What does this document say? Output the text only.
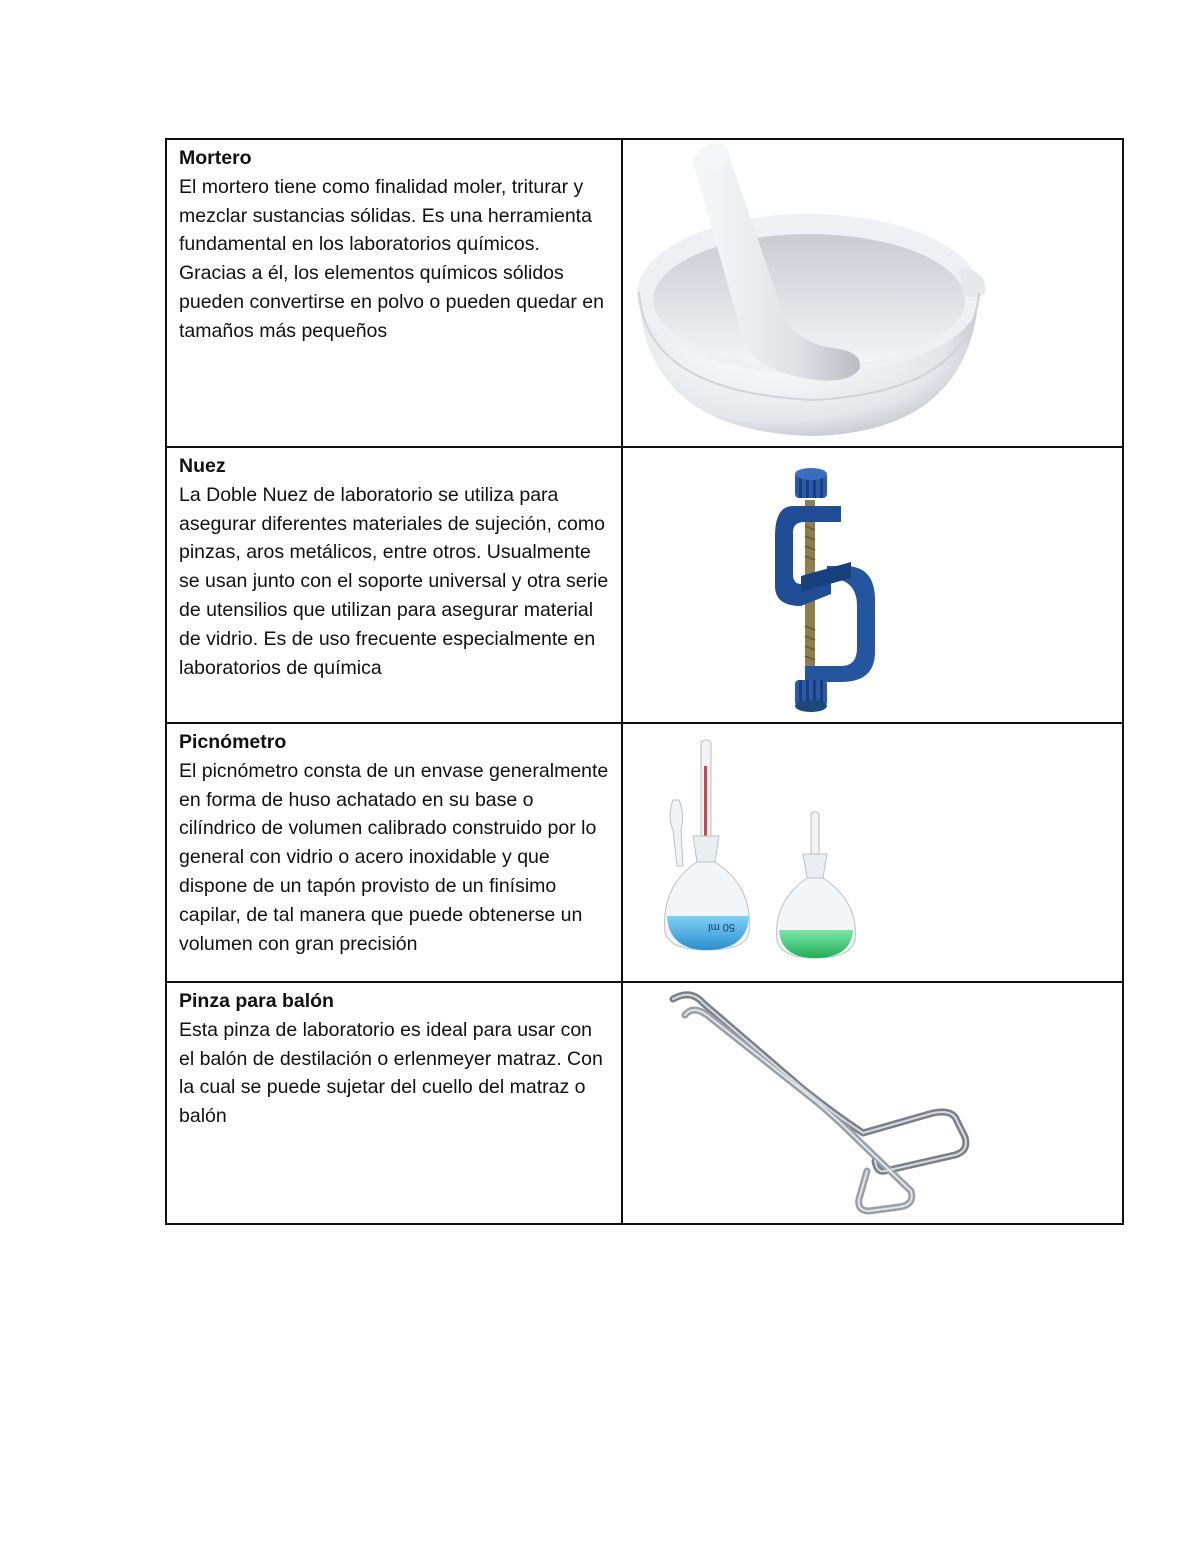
Mortero
El mortero tiene como finalidad moler, triturar y mezclar sustancias sólidas. Es una herramienta fundamental en los laboratorios químicos. Gracias a él, los elementos químicos sólidos pueden convertirse en polvo o pueden quedar en tamaños más pequeños

Nuez
La Doble Nuez de laboratorio se utiliza para asegurar diferentes materiales de sujeción, como pinzas, aros metálicos, entre otros. Usualmente se usan junto con el soporte universal y otra serie de utensilios que utilizan para asegurar material de vidrio. Es de uso frecuente especialmente en laboratorios de química

Picnómetro
El picnómetro consta de un envase generalmente en forma de huso achatado en su base o cilíndrico de volumen calibrado construido por lo general con vidrio o acero inoxidable y que dispone de un tapón provisto de un finísimo capilar, de tal manera que puede obtenerse un volumen con gran precisión	50 ml

Pinza para balón
Esta pinza de laboratorio es ideal para usar con el balón de destilación o erlenmeyer matraz. Con la cual se puede sujetar del cuello del matraz o balón
